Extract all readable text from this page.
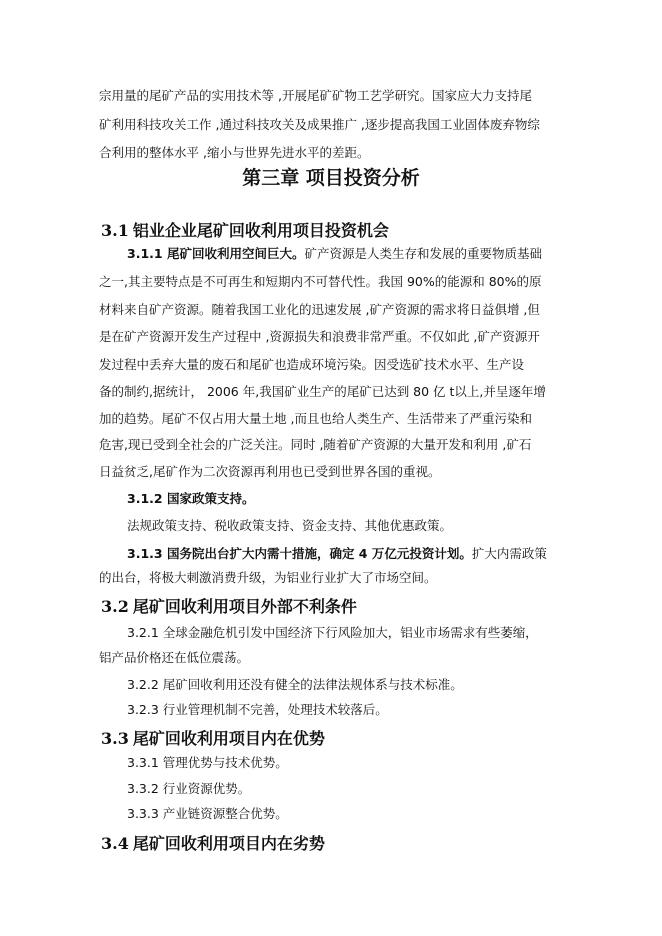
宗用量的尾矿产品的实用技术等 ,开展尾矿矿物工艺学研究。国家应大力支持尾
矿利用科技攻关工作 ,通过科技攻关及成果推广 ,逐步提高我国工业固体废弃物综
合利用的整体水平 ,缩小与世界先进水平的差距。
第三章 项目投资分析
3.1 铝业企业尾矿回收利用项目投资机会
3.1.1 尾矿回收利用空间巨大。矿产资源是人类生存和发展的重要物质基础
之一,其主要特点是不可再生和短期内不可替代性。我国 90%的能源和 80%的原
材料来自矿产资源。随着我国工业化的迅速发展 ,矿产资源的需求将日益俱增 ,但
是在矿产资源开发生产过程中 ,资源损失和浪费非常严重。不仅如此 ,矿产资源开
发过程中丢弃大量的废石和尾矿也造成环境污染。因受选矿技术水平、生产设
备的制约,据统计， 2006 年,我国矿业生产的尾矿已达到 80 亿 t以上,并呈逐年增
加的趋势。尾矿不仅占用大量土地 ,而且也给人类生产、生活带来了严重污染和
危害,现已受到全社会的广泛关注。同时 ,随着矿产资源的大量开发和利用 ,矿石
日益贫乏,尾矿作为二次资源再利用也已受到世界各国的重视。
3.1.2 国家政策支持。
法规政策支持、税收政策支持、资金支持、其他优惠政策。
3.1.3 国务院出台扩大内需十措施，确定 4 万亿元投资计划。扩大内需政策
的出台，将极大刺激消费升级，为铝业行业扩大了市场空间。
3.2 尾矿回收利用项目外部不利条件
3.2.1 全球金融危机引发中国经济下行风险加大，铝业市场需求有些萎缩，
铝产品价格还在低位震荡。
3.2.2 尾矿回收利用还没有健全的法律法规体系与技术标准。
3.2.3 行业管理机制不完善，处理技术较落后。
3.3 尾矿回收利用项目内在优势
3.3.1 管理优势与技术优势。
3.3.2 行业资源优势。
3.3.3 产业链资源整合优势。
3.4 尾矿回收利用项目内在劣势
